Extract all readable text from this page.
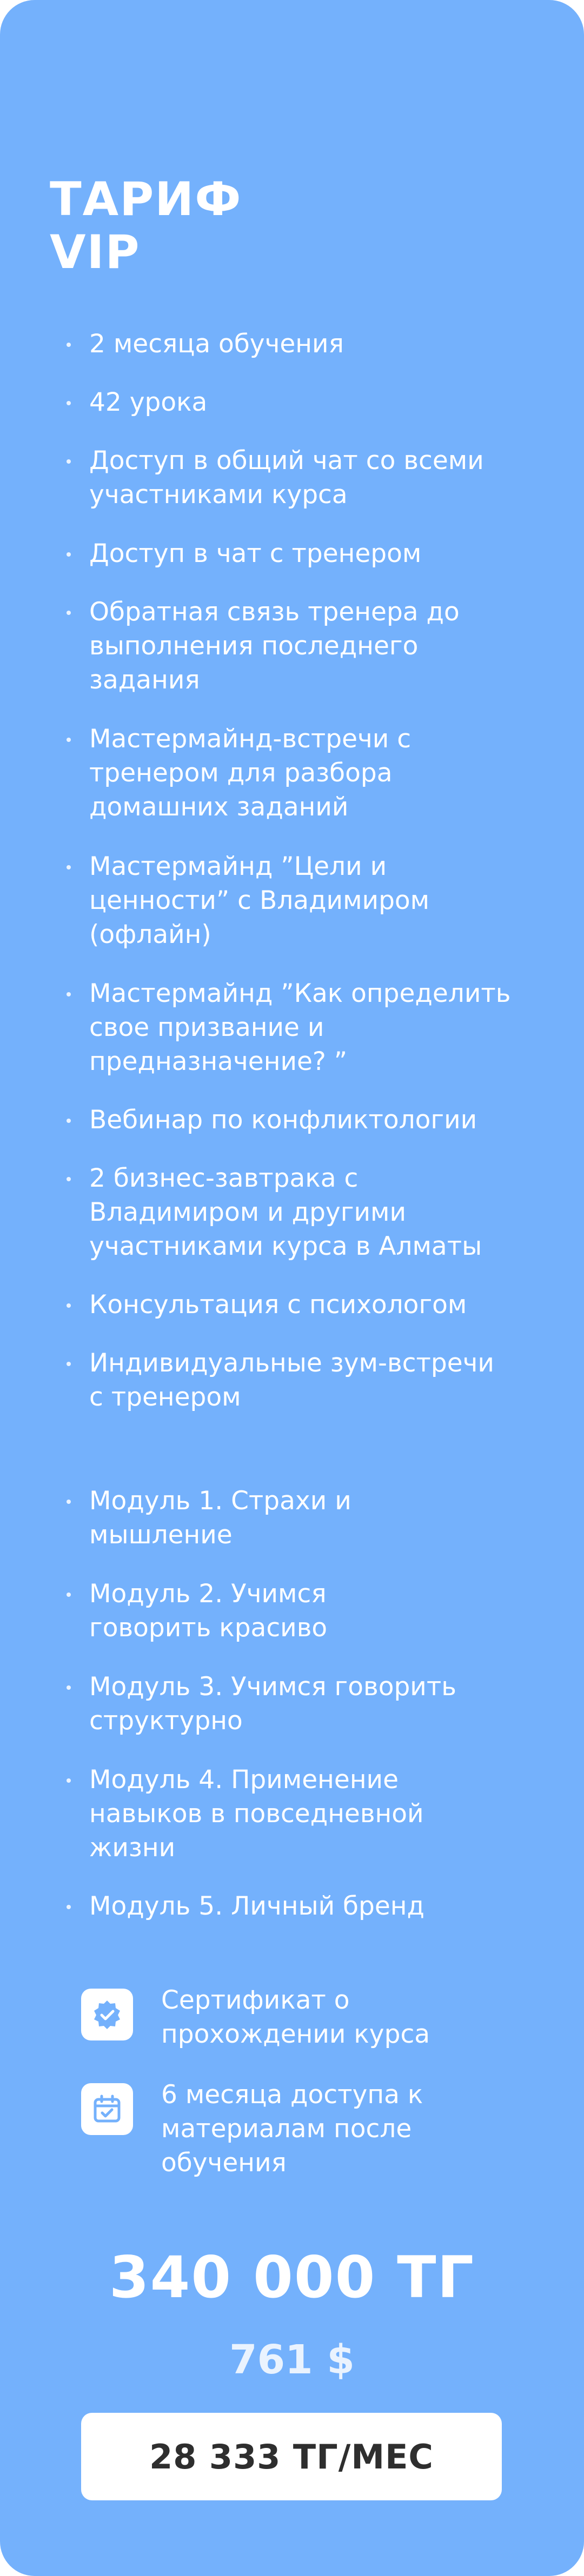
ТАРИФ
VIP
2 месяца обучения
42 урока
Доступ в общий чат со всеми
участниками курса
Доступ в чат с тренером
Обратная связь тренера до
выполнения последнего
задания
Мастермайнд-встречи с
тренером для разбора
домашних заданий
Мастермайнд ”Цели и
ценности” с Владимиром
(офлайн)
Мастермайнд ”Как определить
свое призвание и
предназначение? ”
Вебинар по конфликтологии
2 бизнес-завтрака с
Владимиром и другими
участниками курса в Алматы
Консультация с психологом
Индивидуальные зум-встречи
с тренером
Модуль 1. Страхи и
мышление
Модуль 2. Учимся
говорить красиво
Модуль 3. Учимся говорить
структурно
Модуль 4. Применение
навыков в повседневной
жизни
Модуль 5. Личный бренд
Сертификат о
прохождении курса
6 месяца доступа к
материалам после
обучения
340 000 ТГ
761 $
28 333 ТГ/МЕС
